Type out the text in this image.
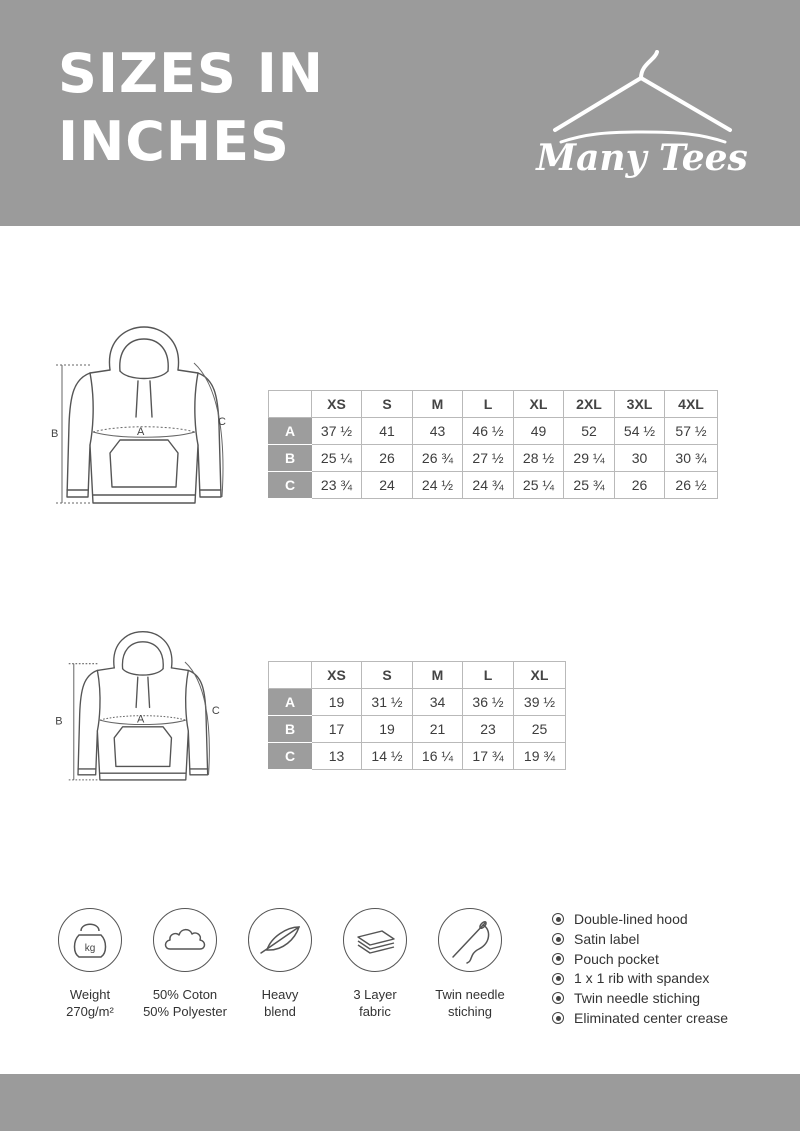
SIZES IN
INCHES	Many Tees
B
C
A
	XS	S	M	L	XL	2XL	3XL	4XL
A	37 ½	41	43	46 ½	49	52	54 ½	57 ½
B	25 ¼	26	26 ¾	27 ½	28 ½	29 ¼	30	30 ¾
C	23 ¾	24	24 ½	24 ¾	25 ¼	25 ¾	26	26 ½
B
C
A
	XS	S	M	L	XL
A	19	31 ½	34	36 ½	39 ½
B	17	19	21	23	25
C	13	14 ½	16 ¼	17 ¾	19 ¾
kg
Weight
270g/m²
50% Coton
50% Polyester
Heavy
blend
3 Layer
fabric
Twin needle
stiching
Double-lined hood
Satin label
Pouch pocket
1 x 1 rib with spandex
Twin needle stiching
Eliminated center crease
